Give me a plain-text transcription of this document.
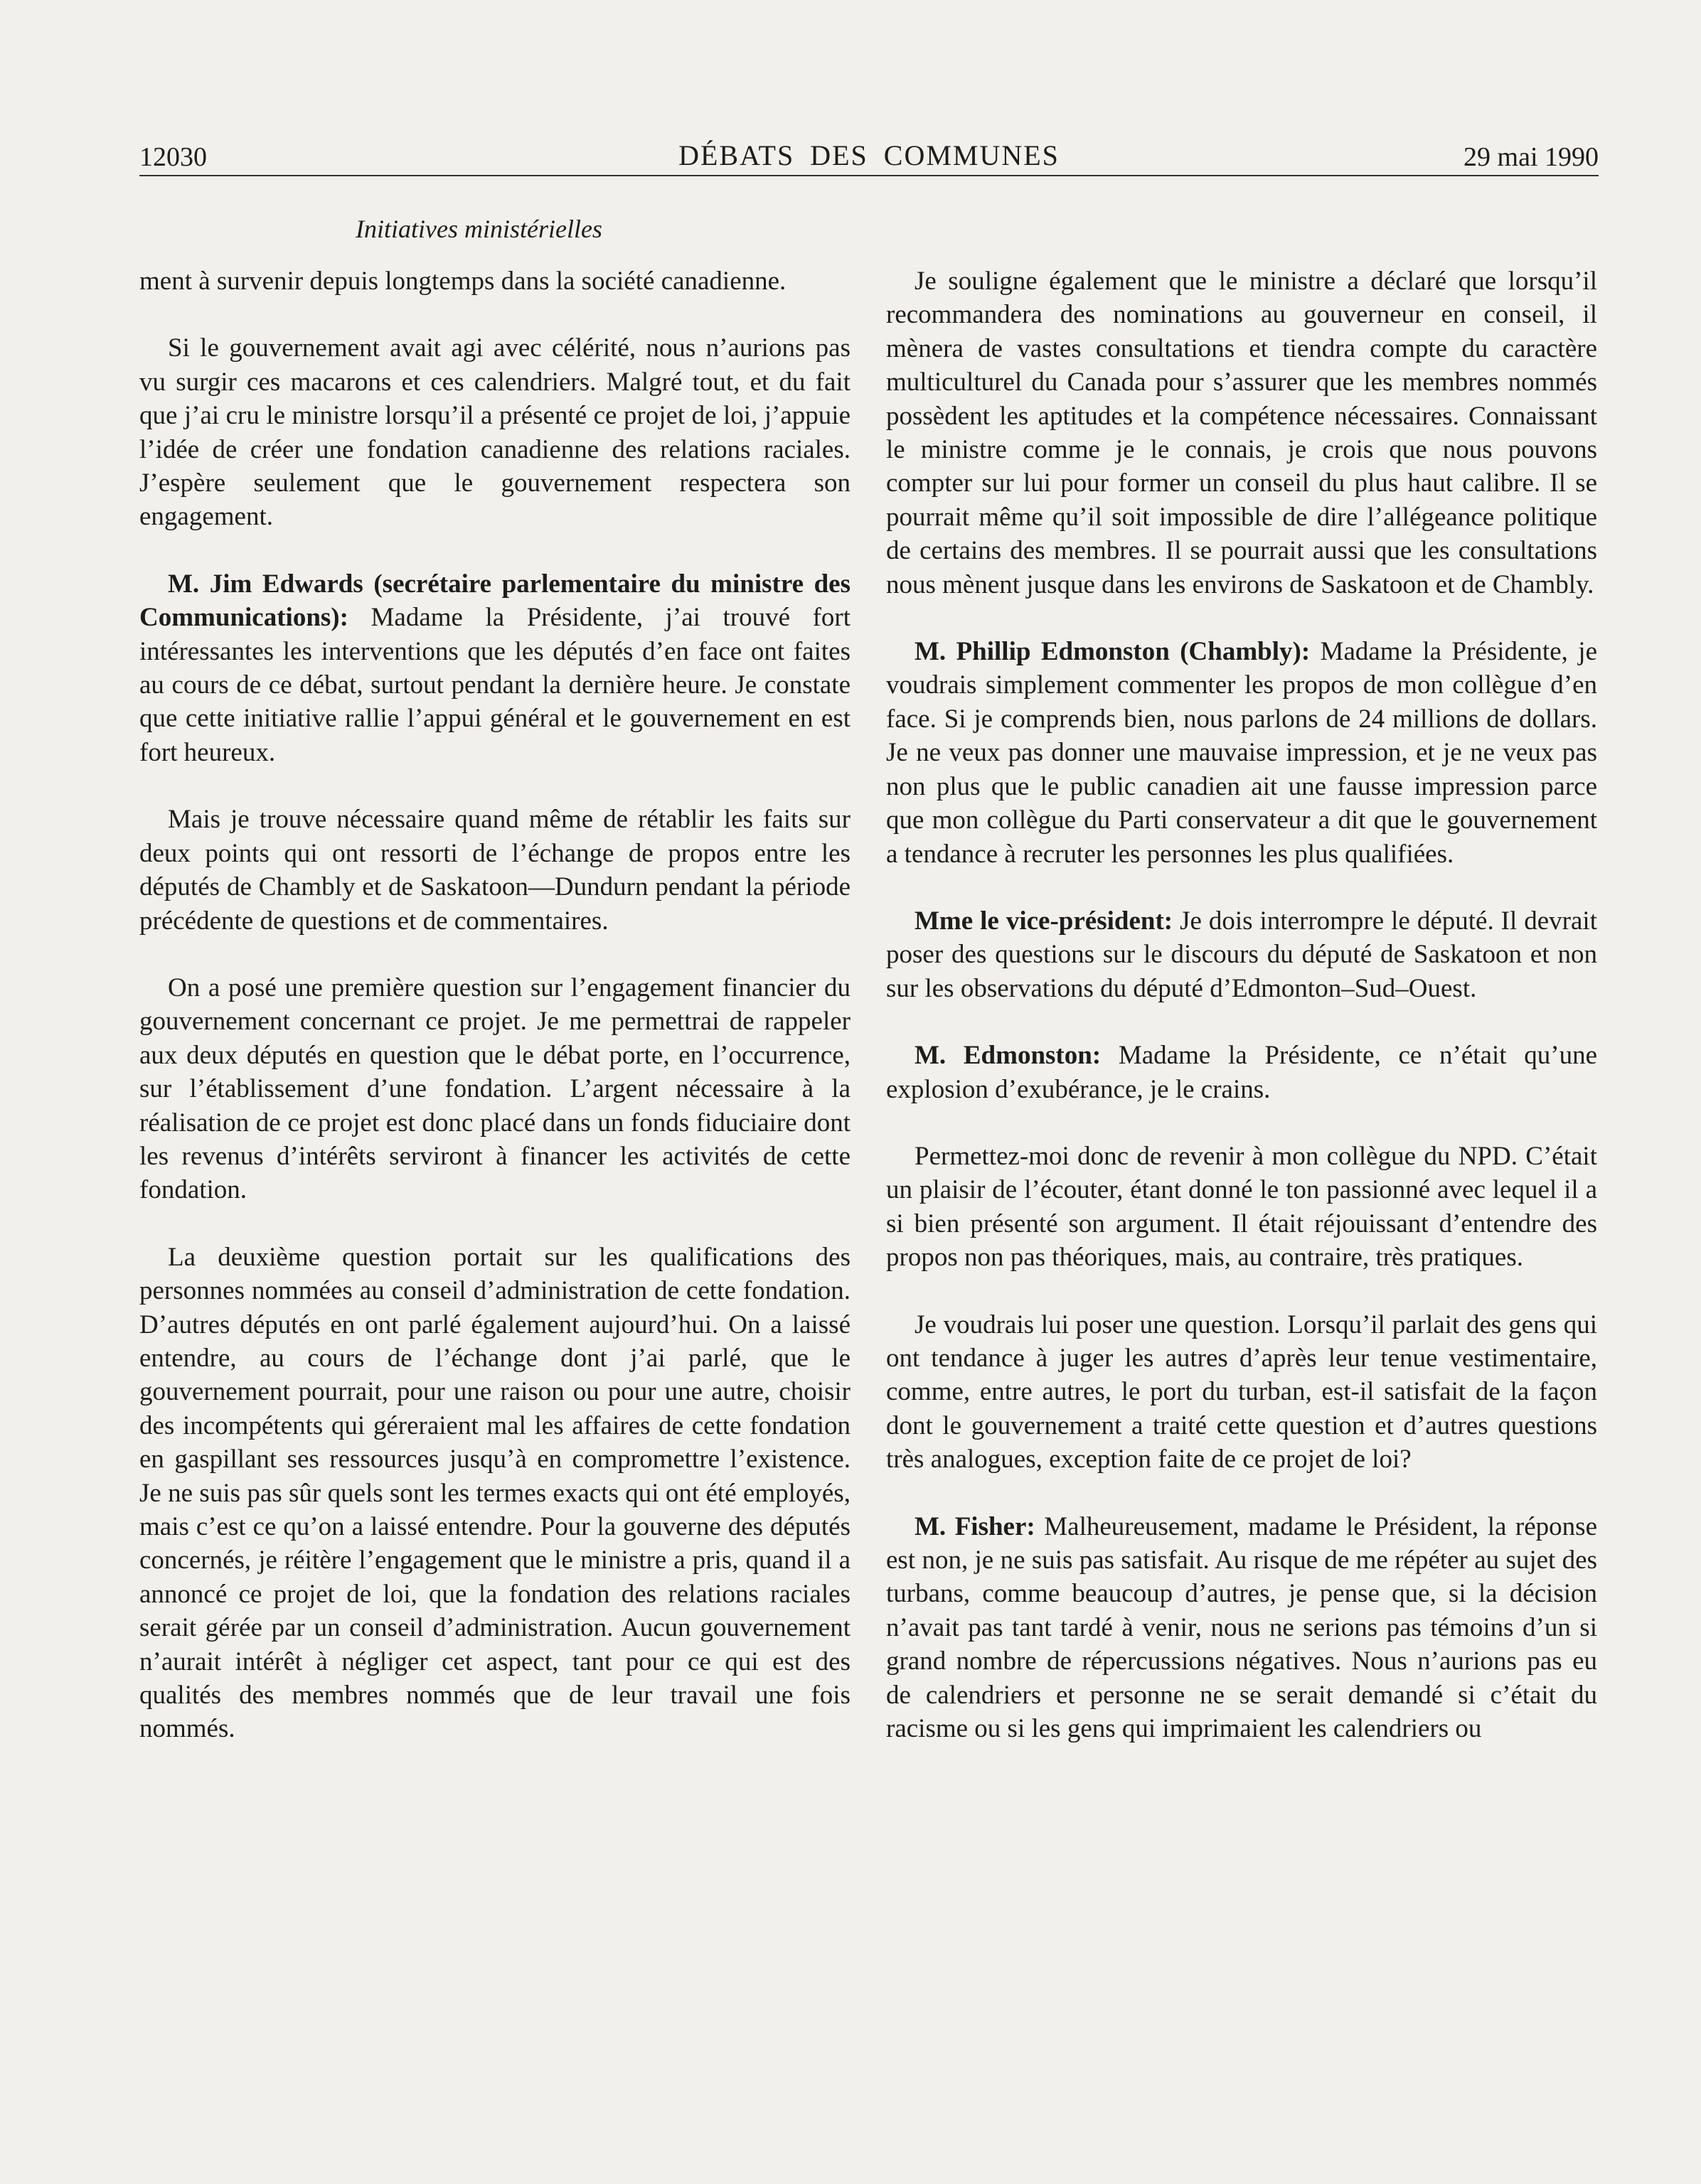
12030	DÉBATS DES COMMUNES	29 mai 1990
Initiatives ministérielles

ment à survenir depuis longtemps dans la société canadienne.

Si le gouvernement avait agi avec célérité, nous n’aurions pas vu surgir ces macarons et ces calendriers. Malgré tout, et du fait que j’ai cru le ministre lorsqu’il a présenté ce projet de loi, j’appuie l’idée de créer une fondation canadienne des relations raciales. J’espère seulement que le gouvernement respectera son engagement.

M. Jim Edwards (secrétaire parlementaire du ministre des Communications): Madame la Présidente, j’ai trouvé fort intéressantes les interventions que les députés d’en face ont faites au cours de ce débat, surtout pendant la dernière heure. Je constate que cette initiative rallie l’appui général et le gouvernement en est fort heureux.

Mais je trouve nécessaire quand même de rétablir les faits sur deux points qui ont ressorti de l’échange de propos entre les députés de Chambly et de Saskatoon—Dundurn pendant la période précédente de questions et de commentaires.

On a posé une première question sur l’engagement financier du gouvernement concernant ce projet. Je me permettrai de rappeler aux deux députés en question que le débat porte, en l’occurrence, sur l’établissement d’une fondation. L’argent nécessaire à la réalisation de ce projet est donc placé dans un fonds fiduciaire dont les revenus d’intérêts serviront à financer les activités de cette fondation.

La deuxième question portait sur les qualifications des personnes nommées au conseil d’administration de cette fondation. D’autres députés en ont parlé également aujourd’hui. On a laissé entendre, au cours de l’échange dont j’ai parlé, que le gouvernement pourrait, pour une raison ou pour une autre, choisir des incompétents qui géreraient mal les affaires de cette fondation en gaspillant ses ressources jusqu’à en compromettre l’existence. Je ne suis pas sûr quels sont les termes exacts qui ont été employés, mais c’est ce qu’on a laissé entendre. Pour la gouverne des députés concernés, je réitère l’engagement que le ministre a pris, quand il a annoncé ce projet de loi, que la fondation des relations raciales serait gérée par un conseil d’administration. Aucun gouvernement n’aurait intérêt à négliger cet aspect, tant pour ce qui est des qualités des membres nommés que de leur travail une fois nommés.

Je souligne également que le ministre a déclaré que lorsqu’il recommandera des nominations au gouverneur en conseil, il mènera de vastes consultations et tiendra compte du caractère multiculturel du Canada pour s’assurer que les membres nommés possèdent les aptitudes et la compétence nécessaires. Connaissant le ministre comme je le connais, je crois que nous pouvons compter sur lui pour former un conseil du plus haut calibre. Il se pourrait même qu’il soit impossible de dire l’allégeance politique de certains des membres. Il se pourrait aussi que les consultations nous mènent jusque dans les environs de Saskatoon et de Chambly.

M. Phillip Edmonston (Chambly): Madame la Présidente, je voudrais simplement commenter les propos de mon collègue d’en face. Si je comprends bien, nous parlons de 24 millions de dollars. Je ne veux pas donner une mauvaise impression, et je ne veux pas non plus que le public canadien ait une fausse impression parce que mon collègue du Parti conservateur a dit que le gouvernement a tendance à recruter les personnes les plus qualifiées.

Mme le vice-président: Je dois interrompre le député. Il devrait poser des questions sur le discours du député de Saskatoon et non sur les observations du député d’Edmonton–Sud–Ouest.

M. Edmonston: Madame la Présidente, ce n’était qu’une explosion d’exubérance, je le crains.

Permettez-moi donc de revenir à mon collègue du NPD. C’était un plaisir de l’écouter, étant donné le ton passionné avec lequel il a si bien présenté son argument. Il était réjouissant d’entendre des propos non pas théoriques, mais, au contraire, très pratiques.

Je voudrais lui poser une question. Lorsqu’il parlait des gens qui ont tendance à juger les autres d’après leur tenue vestimentaire, comme, entre autres, le port du turban, est-il satisfait de la façon dont le gouvernement a traité cette question et d’autres questions très analogues, exception faite de ce projet de loi?

M. Fisher: Malheureusement, madame le Président, la réponse est non, je ne suis pas satisfait. Au risque de me répéter au sujet des turbans, comme beaucoup d’autres, je pense que, si la décision n’avait pas tant tardé à venir, nous ne serions pas témoins d’un si grand nombre de répercussions négatives. Nous n’aurions pas eu de calendriers et personne ne se serait demandé si c’était du racisme ou si les gens qui imprimaient les calendriers ou
